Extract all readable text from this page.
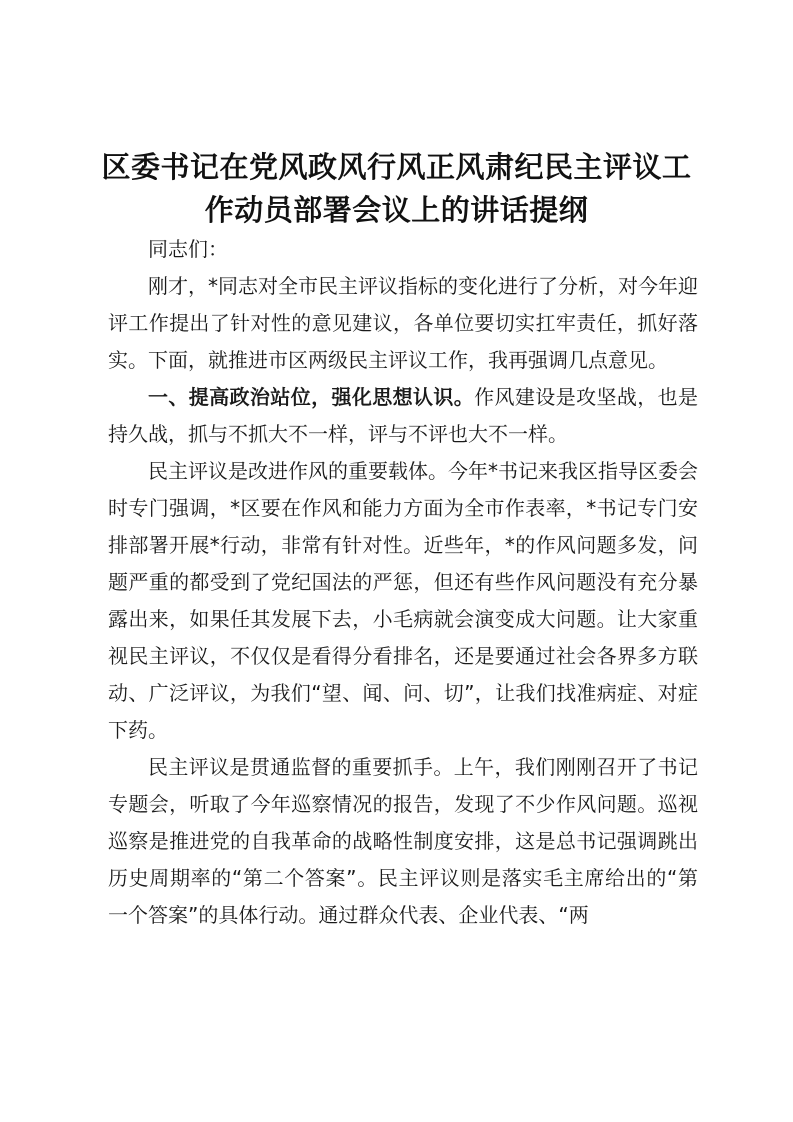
区委书记在党风政风行风正风肃纪民主评议工
作动员部署会议上的讲话提纲

同志们：

刚才，*同志对全市民主评议指标的变化进行了分析，对今年迎评工作提出了针对性的意见建议，各单位要切实扛牢责任，抓好落实。下面，就推进市区两级民主评议工作，我再强调几点意见。

一、提高政治站位，强化思想认识。作风建设是攻坚战，也是持久战，抓与不抓大不一样，评与不评也大不一样。

民主评议是改进作风的重要载体。今年*书记来我区指导区委会时专门强调，*区要在作风和能力方面为全市作表率，*书记专门安排部署开展*行动，非常有针对性。近些年，*的作风问题多发，问题严重的都受到了党纪国法的严惩，但还有些作风问题没有充分暴露出来，如果任其发展下去，小毛病就会演变成大问题。让大家重视民主评议，不仅仅是看得分看排名，还是要通过社会各界多方联动、广泛评议，为我们“望、闻、问、切”，让我们找准病症、对症下药。

民主评议是贯通监督的重要抓手。上午，我们刚刚召开了书记专题会，听取了今年巡察情况的报告，发现了不少作风问题。巡视巡察是推进党的自我革命的战略性制度安排，这是总书记强调跳出历史周期率的“第二个答案”。民主评议则是落实毛主席给出的“第一个答案”的具体行动。通过群众代表、企业代表、“两
